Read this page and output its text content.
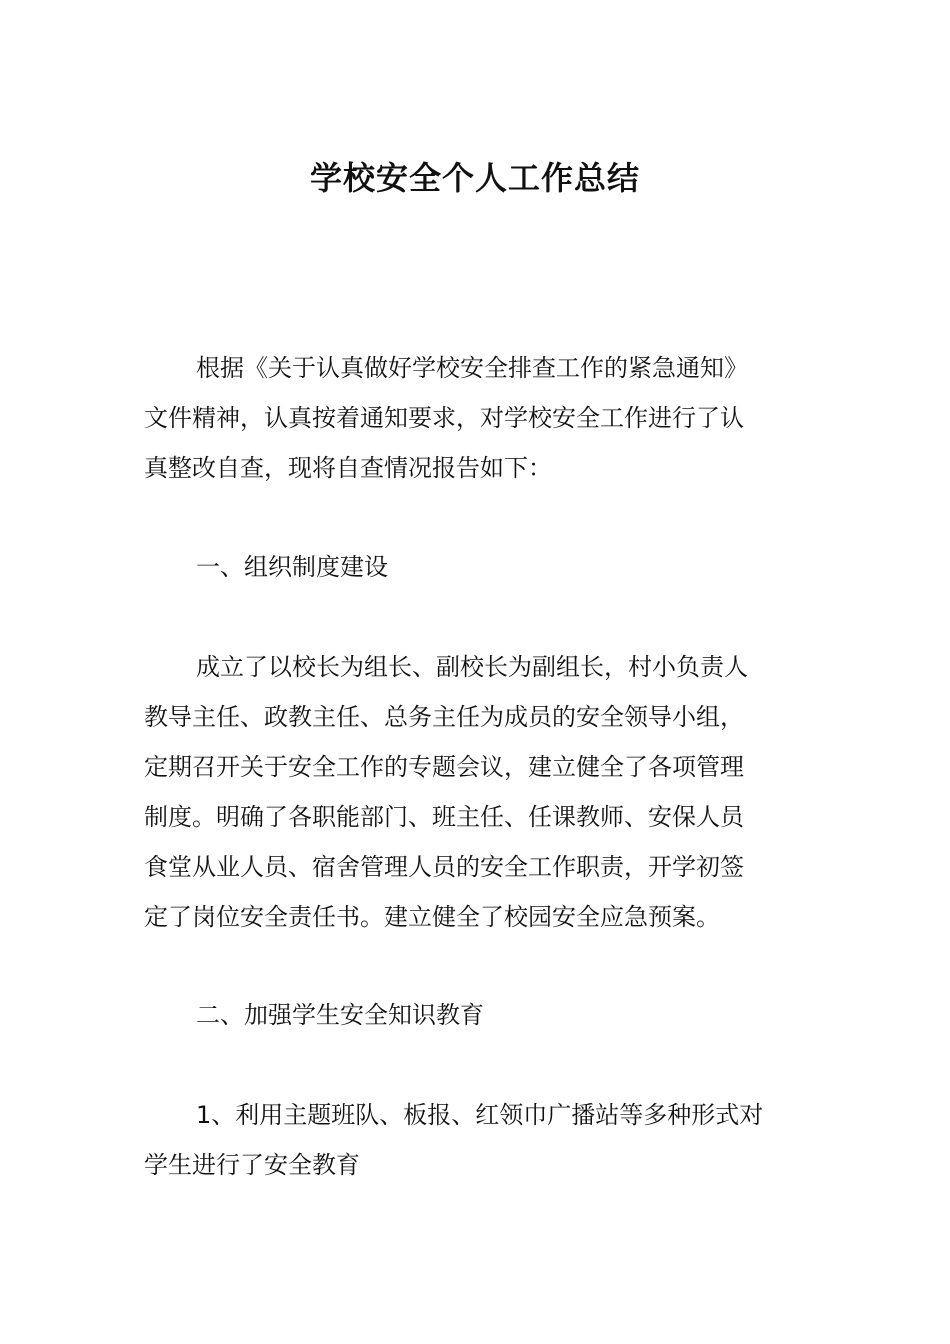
学校安全个人工作总结
根据《关于认真做好学校安全排查工作的紧急通知》
文件精神，认真按着通知要求，对学校安全工作进行了认
真整改自查，现将自查情况报告如下：
一、组织制度建设
成立了以校长为组长、副校长为副组长，村小负责人
教导主任、政教主任、总务主任为成员的安全领导小组，
定期召开关于安全工作的专题会议，建立健全了各项管理
制度。明确了各职能部门、班主任、任课教师、安保人员
食堂从业人员、宿舍管理人员的安全工作职责，开学初签
定了岗位安全责任书。建立健全了校园安全应急预案。
二、加强学生安全知识教育
1、利用主题班队、板报、红领巾广播站等多种形式对
学生进行了安全教育
